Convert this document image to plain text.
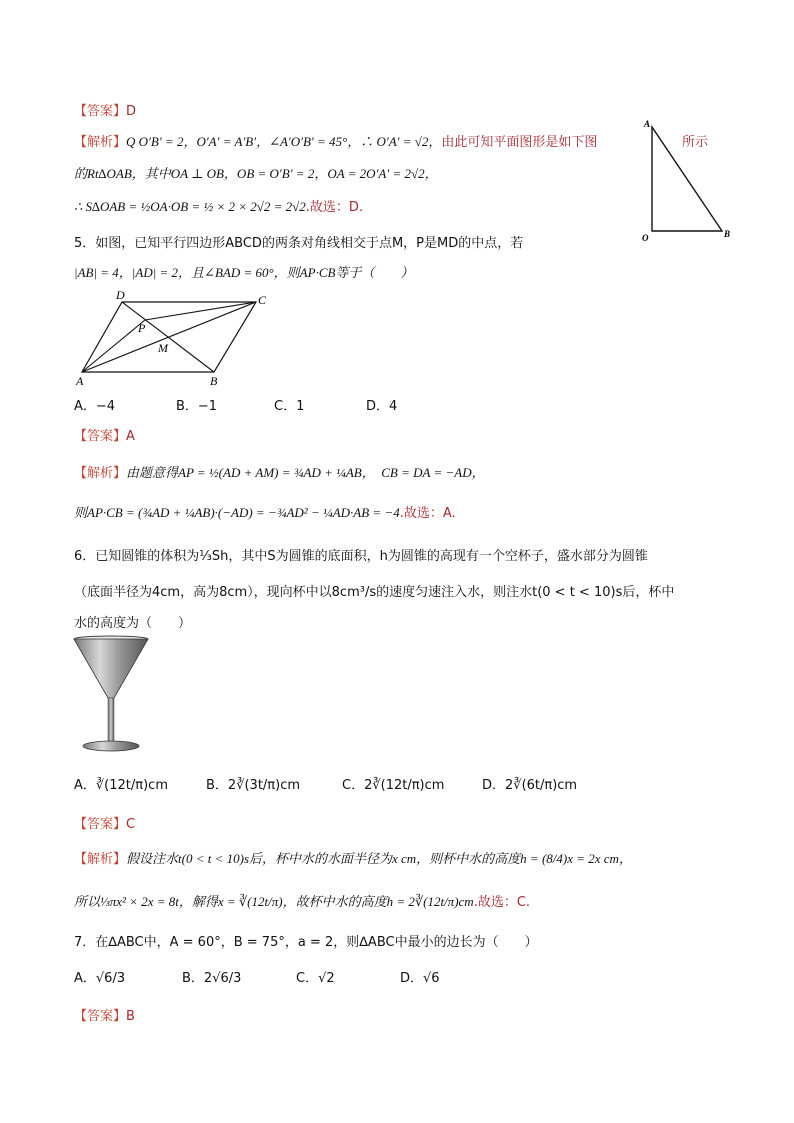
【答案】D
【解析】Q O′B′ = 2，O′A′ = A′B′，∠A′O′B′ = 45°，∴ O′A′ = √2，由此可知平面图形是如下图	所示
的Rt∆OAB，其中OA ⊥ OB，OB = O′B′ = 2，OA = 2O′A′ = 2√2，
∴ S∆OAB = ½OA·OB = ½ × 2 × 2√2 = 2√2.故选：D.
A
O	B
5．如图，已知平行四边形ABCD的两条对角线相交于点M，P是MD的中点，若
|AB| = 4，|AD| = 2，且∠BAD = 60°，则AP·CB等于（　　）
A	B
C
D
P
M
A．−4	B．−1	C．1	D．4
【答案】A
【解析】由题意得AP = ½(AD + AM) = ¾AD + ¼AB，　CB = DA = −AD，
则AP·CB = (¾AD + ¼AB)·(−AD) = −¾AD² − ¼AD·AB = −4.故选：A.
6．已知圆锥的体积为⅓Sh，其中S为圆锥的底面积，h为圆锥的高现有一个空杯子，盛水部分为圆锥
（底面半径为4cm，高为8cm），现向杯中以8cm³/s的速度匀速注入水，则注水t(0 < t < 10)s后，杯中
水的高度为（　　）
A．∛(12t/π)cm	B．2∛(3t/π)cm	C．2∛(12t/π)cm	D．2∛(6t/π)cm
【答案】C
【解析】假设注水t(0 < t < 10)s后，杯中水的水面半径为x cm，则杯中水的高度h = (8/4)x = 2x cm，
所以⅓πx² × 2x = 8t，解得x = ∛(12t/π)，故杯中水的高度h = 2∛(12t/π)cm.故选：C.
7．在∆ABC中，A = 60°，B = 75°，a = 2，则∆ABC中最小的边长为（　　）
A．√6/3	B．2√6/3	C．√2	D．√6
【答案】B
